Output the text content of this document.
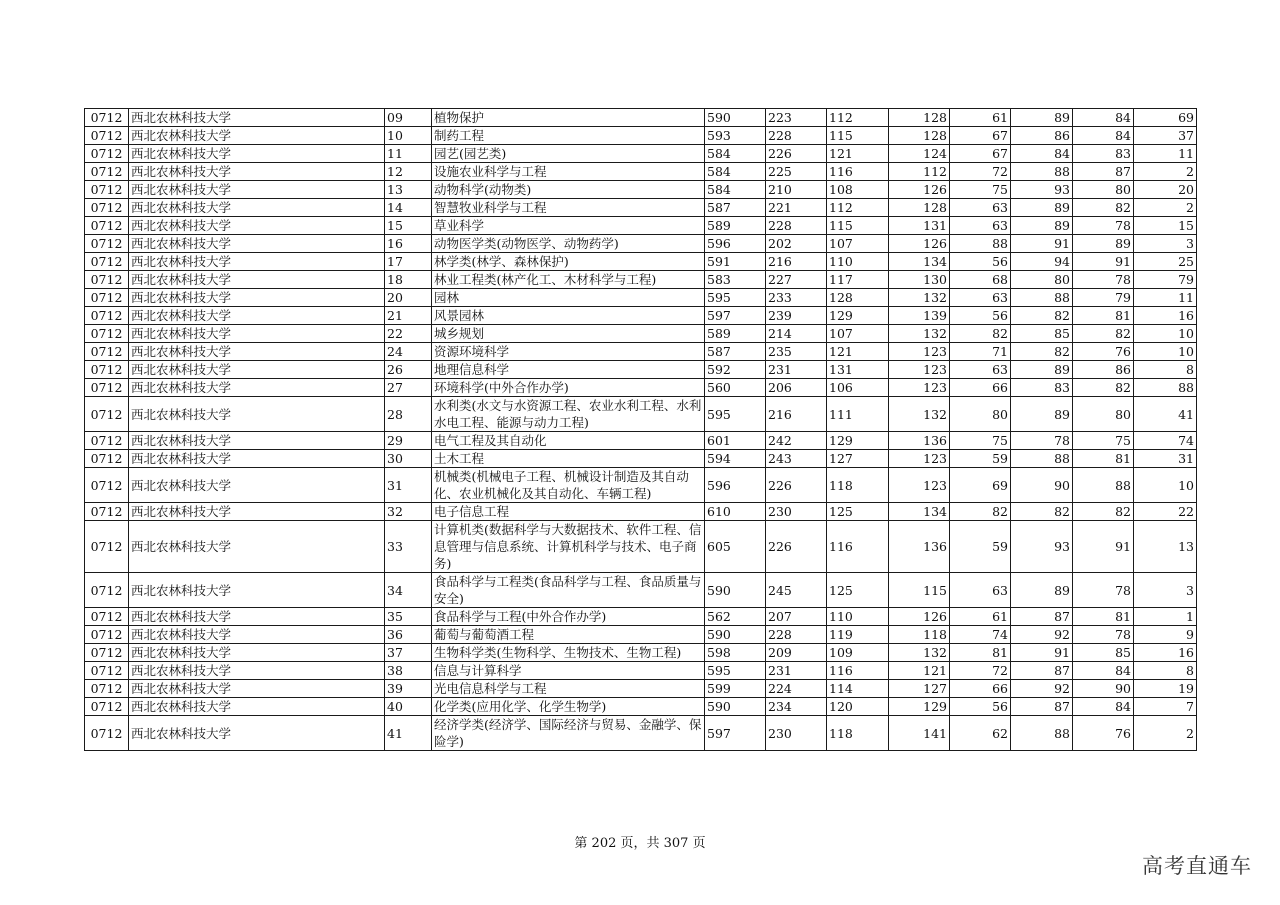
0712	西北农林科技大学	09	植物保护	590	223	112	128	61	89	84	69
0712	西北农林科技大学	10	制药工程	593	228	115	128	67	86	84	37
0712	西北农林科技大学	11	园艺(园艺类)	584	226	121	124	67	84	83	11
0712	西北农林科技大学	12	设施农业科学与工程	584	225	116	112	72	88	87	2
0712	西北农林科技大学	13	动物科学(动物类)	584	210	108	126	75	93	80	20
0712	西北农林科技大学	14	智慧牧业科学与工程	587	221	112	128	63	89	82	2
0712	西北农林科技大学	15	草业科学	589	228	115	131	63	89	78	15
0712	西北农林科技大学	16	动物医学类(动物医学、动物药学)	596	202	107	126	88	91	89	3
0712	西北农林科技大学	17	林学类(林学、森林保护)	591	216	110	134	56	94	91	25
0712	西北农林科技大学	18	林业工程类(林产化工、木材科学与工程)	583	227	117	130	68	80	78	79
0712	西北农林科技大学	20	园林	595	233	128	132	63	88	79	11
0712	西北农林科技大学	21	风景园林	597	239	129	139	56	82	81	16
0712	西北农林科技大学	22	城乡规划	589	214	107	132	82	85	82	10
0712	西北农林科技大学	24	资源环境科学	587	235	121	123	71	82	76	10
0712	西北农林科技大学	26	地理信息科学	592	231	131	123	63	89	86	8
0712	西北农林科技大学	27	环境科学(中外合作办学)	560	206	106	123	66	83	82	88
0712	西北农林科技大学	28	水利类(水文与水资源工程、农业水利工程、水利水电工程、能源与动力工程)	595	216	111	132	80	89	80	41
0712	西北农林科技大学	29	电气工程及其自动化	601	242	129	136	75	78	75	74
0712	西北农林科技大学	30	土木工程	594	243	127	123	59	88	81	31
0712	西北农林科技大学	31	机械类(机械电子工程、机械设计制造及其自动化、农业机械化及其自动化、车辆工程)	596	226	118	123	69	90	88	10
0712	西北农林科技大学	32	电子信息工程	610	230	125	134	82	82	82	22
0712	西北农林科技大学	33	计算机类(数据科学与大数据技术、软件工程、信息管理与信息系统、计算机科学与技术、电子商务)	605	226	116	136	59	93	91	13
0712	西北农林科技大学	34	食品科学与工程类(食品科学与工程、食品质量与安全)	590	245	125	115	63	89	78	3
0712	西北农林科技大学	35	食品科学与工程(中外合作办学)	562	207	110	126	61	87	81	1
0712	西北农林科技大学	36	葡萄与葡萄酒工程	590	228	119	118	74	92	78	9
0712	西北农林科技大学	37	生物科学类(生物科学、生物技术、生物工程)	598	209	109	132	81	91	85	16
0712	西北农林科技大学	38	信息与计算科学	595	231	116	121	72	87	84	8
0712	西北农林科技大学	39	光电信息科学与工程	599	224	114	127	66	92	90	19
0712	西北农林科技大学	40	化学类(应用化学、化学生物学)	590	234	120	129	56	87	84	7
0712	西北农林科技大学	41	经济学类(经济学、国际经济与贸易、金融学、保险学)	597	230	118	141	62	88	76	2
第 202 页，共 307 页
高考直通车
